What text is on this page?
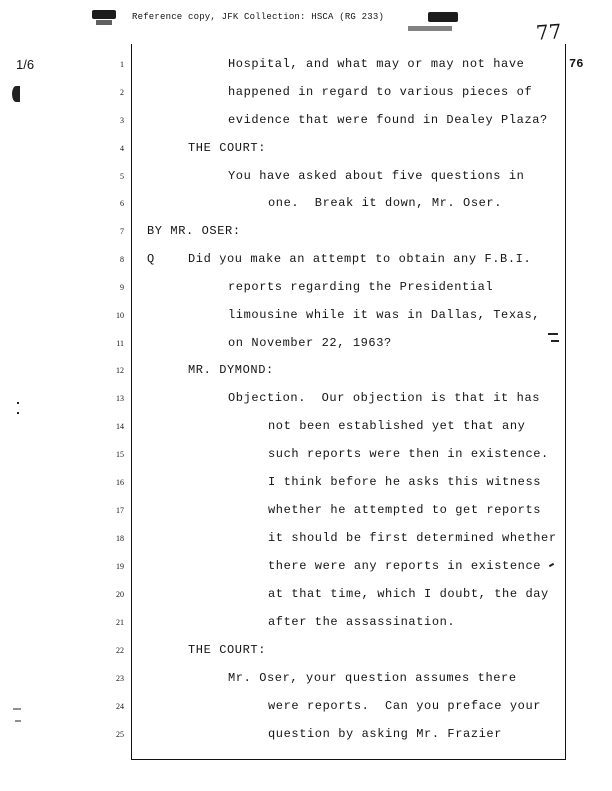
Reference copy, JFK Collection: HSCA (RG 233)
77
1/6	76
1
2
3
4
5
6
7
8
9
10
11
12
13
14
15
16
17
18
19
20
21
22
23
24
25
Hospital, and what may or may not have
happened in regard to various pieces of
evidence that were found in Dealey Plaza?
THE COURT:
You have asked about five questions in
one.  Break it down, Mr. Oser.
BY MR. OSER:
Q	Did you make an attempt to obtain any F.B.I.
reports regarding the Presidential
limousine while it was in Dallas, Texas,
on November 22, 1963?
MR. DYMOND:
Objection.  Our objection is that it has
not been established yet that any
such reports were then in existence.
I think before he asks this witness
whether he attempted to get reports
it should be first determined whether
there were any reports in existence
at that time, which I doubt, the day
after the assassination.
THE COURT:
Mr. Oser, your question assumes there
were reports.  Can you preface your
question by asking Mr. Frazier
